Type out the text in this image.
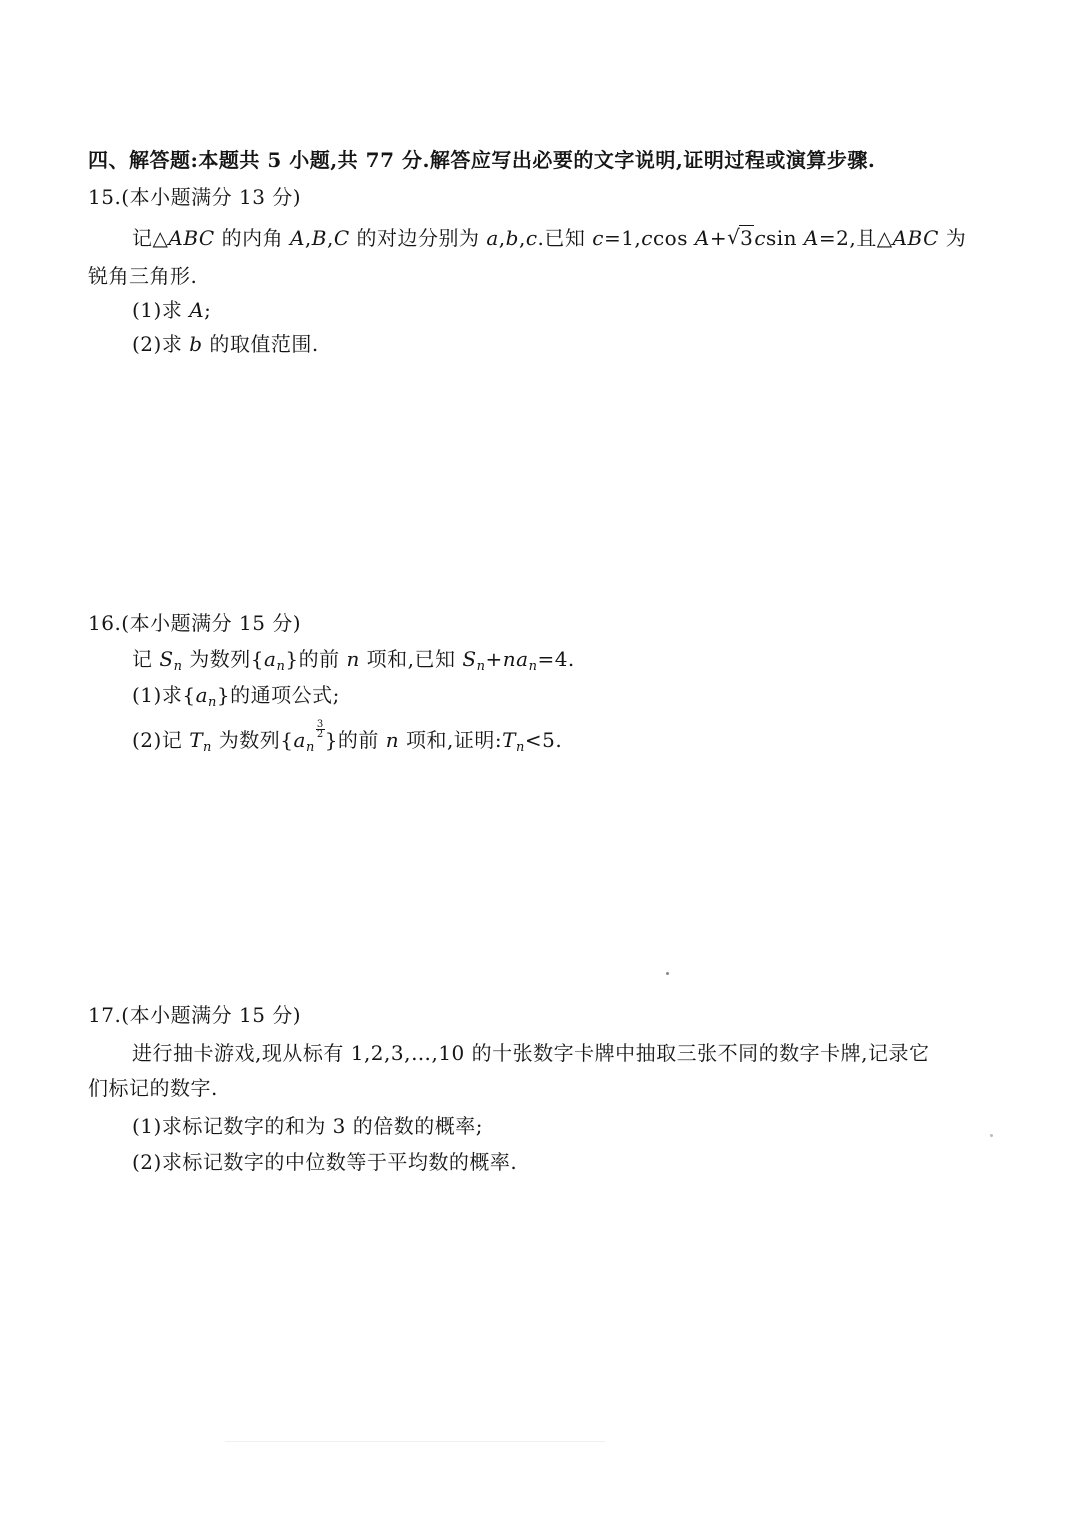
四、解答题:本题共 5 小题,共 77 分.解答应写出必要的文字说明,证明过程或演算步骤.
15.(本小题满分 13 分)
记△ABC 的内角 A,B,C 的对边分别为 a,b,c.已知 c=1,ccos A+ √ 3csin A=2,且△ABC 为
锐角三角形.
(1)求 A;
(2)求 b 的取值范围.
16.(本小题满分 15 分)
记 $S_n$ 为数列$\{a_n\}$的前 n 项和,已知 $S_n+na_n=4$.
(1)求$\{a_n\}$的通项公式;
(2)记 $T_n$ 为数列{$a_n$
$\frac{3}{2}$ }的前 n 项和,证明$:T_n<5$.
17.(本小题满分 15 分)
进行抽卡游戏,现从标有 1,2,3,…,10 的十张数字卡牌中抽取三张不同的数字卡牌,记录它
们标记的数字.
(1)求标记数字的和为 3 的倍数的概率;
(2)求标记数字的中位数等于平均数的概率.
